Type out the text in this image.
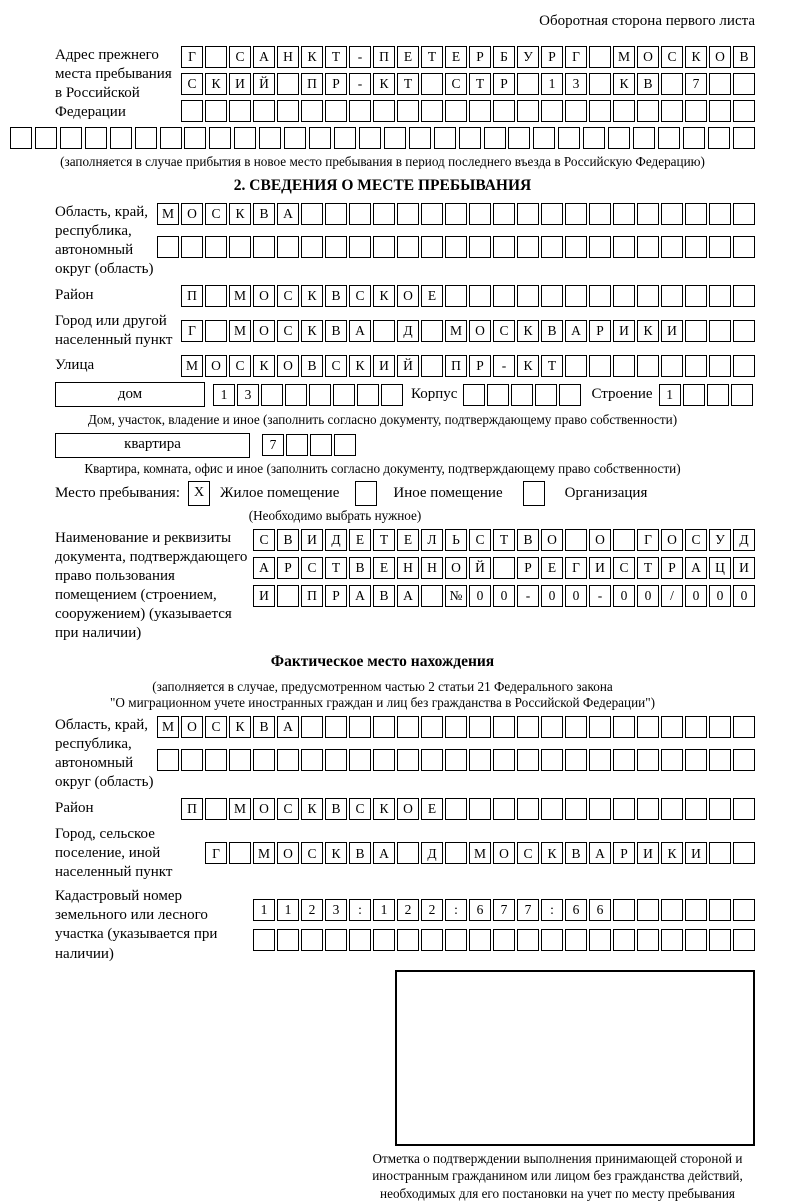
Оборотная сторона первого листа
Адрес прежнего места пребывания в Российской Федерации
Г	С	А	Н	К	Т	-	П	Е	Т	Е	Р	Б	У	Р	Г	М О	С	К	О	В
С	К	И	Й	П	Р	-	К	Т	С	Т	Р	1	3	К	В	7
(заполняется в случае прибытия в новое место пребывания в период последнего въезда в Российскую Федерацию)
2. СВЕДЕНИЯ О МЕСТЕ ПРЕБЫВАНИЯ
Область, край, республика, автономный округ (область)
М О	С	К	В	А
Район	П	М О	С	К	В	С	К	О	Е
Город или другой населенный пункт
Г	М О	С	К	В	А	Д	М О	С	К	В	А	Р	И	К	И
Улица	М О	С	К	О	В	С	К	И	Й	П	Р	-	К	Т
дом	1	3	Корпус	Строение	1
Дом, участок, владение и иное (заполнить согласно документу, подтверждающему право собственности)
квартира	7
Квартира, комната, офис и иное (заполнить согласно документу, подтверждающему право собственности)
Место пребывания: X	Жилое помещение	Иное помещение	Организация
(Необходимо выбрать нужное)
Наименование и реквизиты документа, подтверждающего право пользования помещением (строением, сооружением) (указывается при наличии)
С	В	И	Д	Е	Т	Е	Л	Ь	С	Т	В	О	О	Г	О	С	У	Д
А	Р	С	Т	В	Е	Н	Н	О	Й	Р	Е	Г	И	С	Т	Р	А	Ц	И
И	П	Р	А	В	А	№	0	0	-	0	0	-	0	0	/	0	0	0
Фактическое место нахождения
(заполняется в случае, предусмотренном частью 2 статьи 21 Федерального закона
"О миграционном учете иностранных граждан и лиц без гражданства в Российской Федерации")
Область, край, республика, автономный округ (область)
М О	С	К	В	А
Район	П	М О	С	К	В	С	К	О	Е
Город, сельское поселение, иной населенный пункт
Г	М О	С	К	В	А	Д	М О	С	К	В	А	Р	И	К	И
Кадастровый номер земельного или лесного участка (указывается при наличии)
1	1	2	3	:	1	2	2	:	6	7	7	:	6	6
Отметка о подтверждении выполнения принимающей стороной и иностранным гражданином или лицом без гражданства действий, необходимых для его постановки на учет по месту пребывания
